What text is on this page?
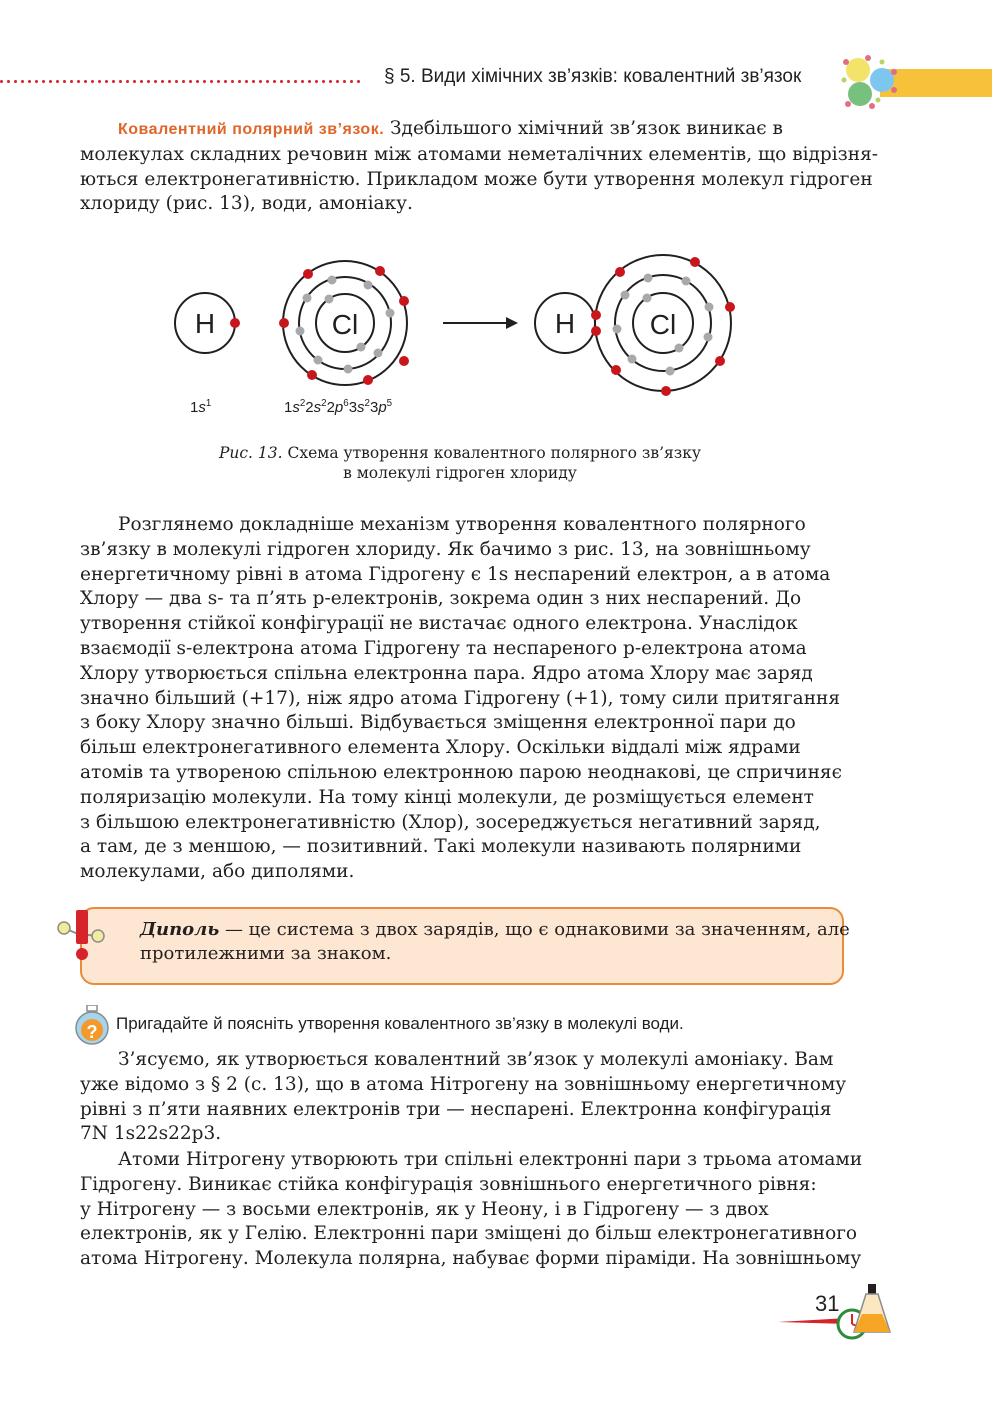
§ 5. Види хімічних зв’язків: ковалентний зв’язок
Ковалентний полярний зв’язок. Здебільшого хімічний зв’язок виникає в
молекулах складних речовин між атомами неметалічних елементів, що відрізня-
ються електронегативністю. Прикладом може бути утворення молекул гідроген
хлориду (рис. 13), води, амоніаку.
H	Cl	H	Cl
$1s^1$	$1s^22s^22p^63s^23p^5$
Рис. 13. Схема утворення ковалентного полярного зв’язку
в молекулі гідроген хлориду
Розглянемо докладніше механізм утворення ковалентного полярного
зв’язку в молекулі гідроген хлориду. Як бачимо з рис. 13, на зовнішньому
енергетичному рівні в атома Гідрогену є 1s неспарений електрон, а в атома
Хлору — два s- та п’ять p-електронів, зокрема один з них неспарений. До
утворення стійкої конфігурації не вистачає одного електрона. Унаслідок
взаємодії s-електрона атома Гідрогену та неспареного p-електрона атома
Хлору утворюється спільна електронна пара. Ядро атома Хлору має заряд
значно більший (+17), ніж ядро атома Гідрогену (+1), тому сили притягання
з боку Хлору значно більші. Відбувається зміщення електронної пари до
більш електронегативного елемента Хлору. Оскільки віддалі між ядрами
атомів та утвореною спільною електронною парою неоднакові, це спричиняє
поляризацію молекули. На тому кінці молекули, де розміщується елемент
з більшою електронегативністю (Хлор), зосереджується негативний заряд,
а там, де з меншою, — позитивний. Такі молекули називають полярними
молекулами, або диполями.
Диполь — це система з двох зарядів, що є однаковими за значенням, але
протилежними за знаком.
? Пригадайте й поясніть утворення ковалентного зв’язку в молекулі води.
З’ясуємо, як утворюється ковалентний зв’язок у молекулі амоніаку. Вам
уже відомо з § 2 (с. 13), що в атома Нітрогену на зовнішньому енергетичному
рівні з п’яти наявних електронів три — неспарені. Електронна конфігурація
7N 1s22s22p3.
Атоми Нітрогену утворюють три спільні електронні пари з трьома атомами
Гідрогену. Виникає стійка конфігурація зовнішнього енергетичного рівня:
у Нітрогену — з восьми електронів, як у Неону, і в Гідрогену — з двох
електронів, як у Гелію. Електронні пари зміщені до більш електронегативного
атома Нітрогену. Молекула полярна, набуває форми піраміди. На зовнішньому
31
